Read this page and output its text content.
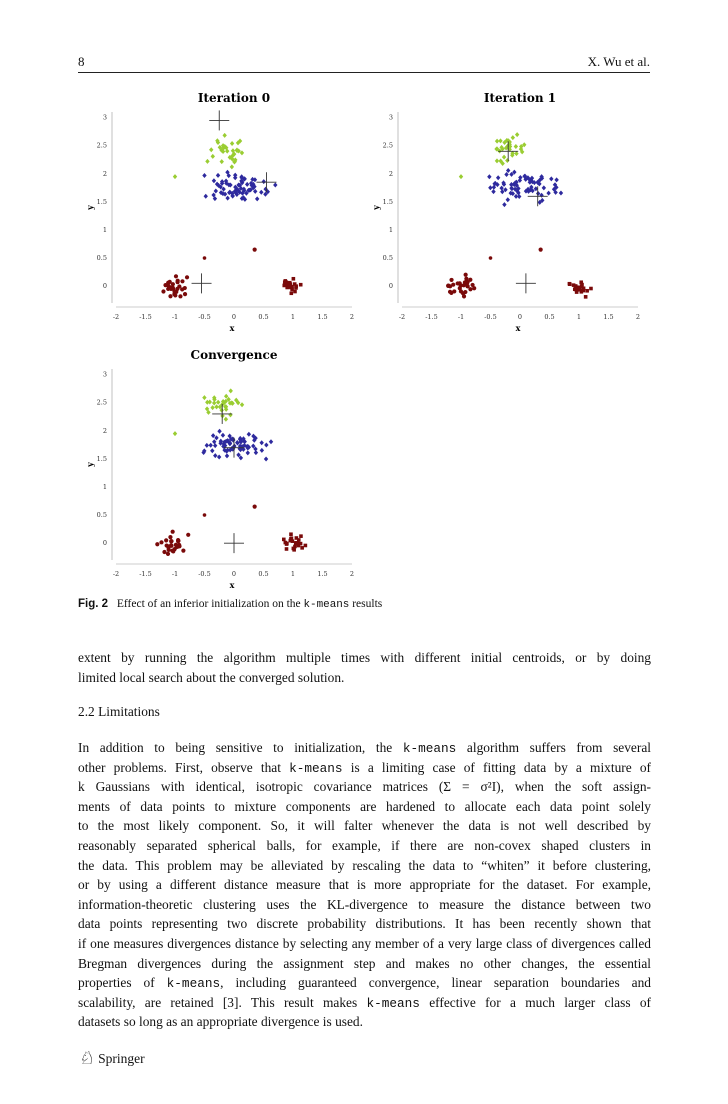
8	X. Wu et al.
Iteration 0
-2	-1.5	-1	-0.5	0	0.5	1	1.5	2
0
0.5
1
1.5
2
2.5
3
x
y
Iteration 1
-2	-1.5	-1	-0.5	0	0.5	1	1.5	2
0
0.5
1
1.5
2
2.5
3
x
y
Convergence
-2	-1.5	-1	-0.5	0	0.5	1	1.5	2
0
0.5
1
1.5
2
2.5
3
x
y
Fig. 2 Effect of an inferior initialization on the k-means results
extent by running the algorithm multiple times with different initial centroids, or by doing
limited local search about the converged solution.
2.2 Limitations
In addition to being sensitive to initialization, the k-means algorithm suffers from several
other problems. First, observe that k-means is a limiting case of fitting data by a mixture of
k Gaussians with identical, isotropic covariance matrices (Σ = σ²I), when the soft assign-
ments of data points to mixture components are hardened to allocate each data point solely
to the most likely component. So, it will falter whenever the data is not well described by
reasonably separated spherical balls, for example, if there are non-covex shaped clusters in
the data. This problem may be alleviated by rescaling the data to “whiten” it before clustering,
or by using a different distance measure that is more appropriate for the dataset. For example,
information-theoretic clustering uses the KL-divergence to measure the distance between two
data points representing two discrete probability distributions. It has been recently shown that
if one measures divergences distance by selecting any member of a very large class of divergences called
Bregman divergences during the assignment step and makes no other changes, the essential
properties of k-means, including guaranteed convergence, linear separation boundaries and
scalability, are retained [3]. This result makes k-means effective for a much larger class of
datasets so long as an appropriate divergence is used.
♘ Springer
